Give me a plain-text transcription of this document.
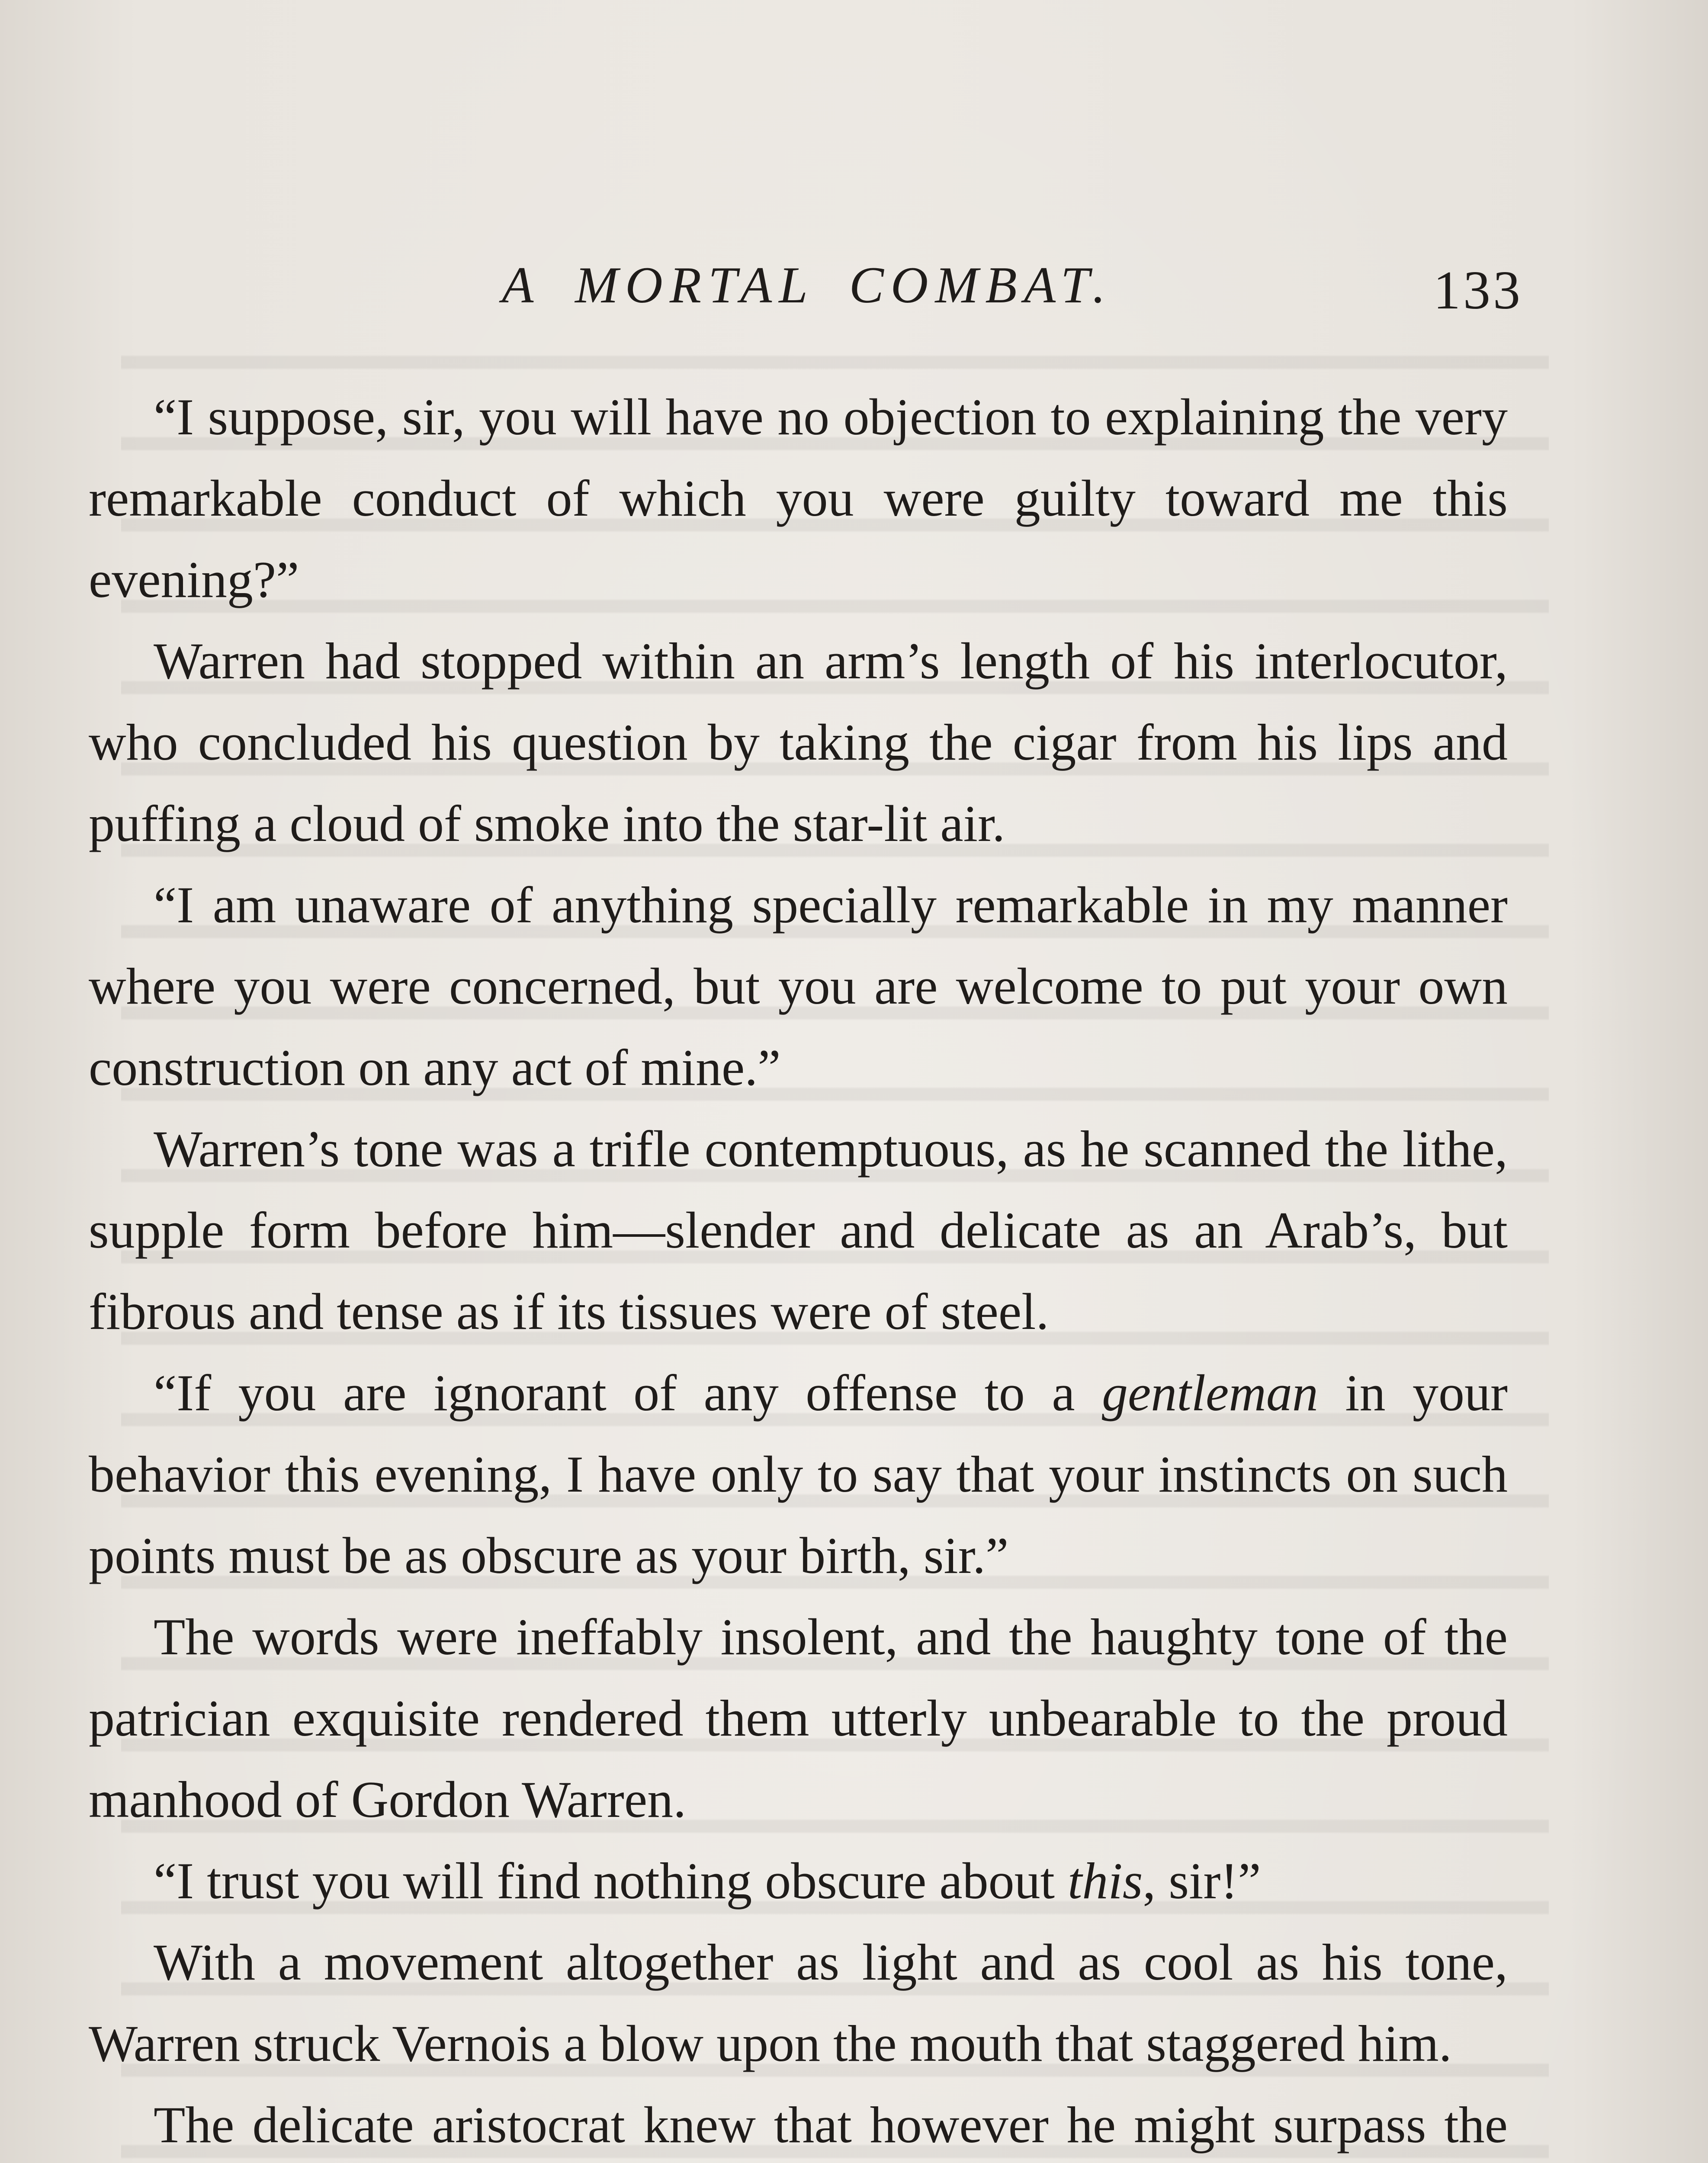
A MORTAL COMBAT.	133

“I suppose, sir, you will have no objection to explaining the very remarkable conduct of which you were guilty toward me this evening?”

Warren had stopped within an arm’s length of his interlocutor, who concluded his question by taking the cigar from his lips and puffing a cloud of smoke into the star-lit air.

“I am unaware of anything specially remarkable in my manner where you were concerned, but you are welcome to put your own construction on any act of mine.”

Warren’s tone was a trifle contemptuous, as he scanned the lithe, supple form before him—slender and delicate as an Arab’s, but fibrous and tense as if its tissues were of steel.

“If you are ignorant of any offense to a gentleman in your behavior this evening, I have only to say that your instincts on such points must be as obscure as your birth, sir.”

The words were ineffably insolent, and the haughty tone of the patrician exquisite rendered them utterly unbearable to the proud manhood of Gordon Warren.

“I trust you will find nothing obscure about this, sir!”

With a movement altogether as light and as cool as his tone, Warren struck Vernois a blow upon the mouth that staggered him.

The delicate aristocrat knew that however he might surpass the
